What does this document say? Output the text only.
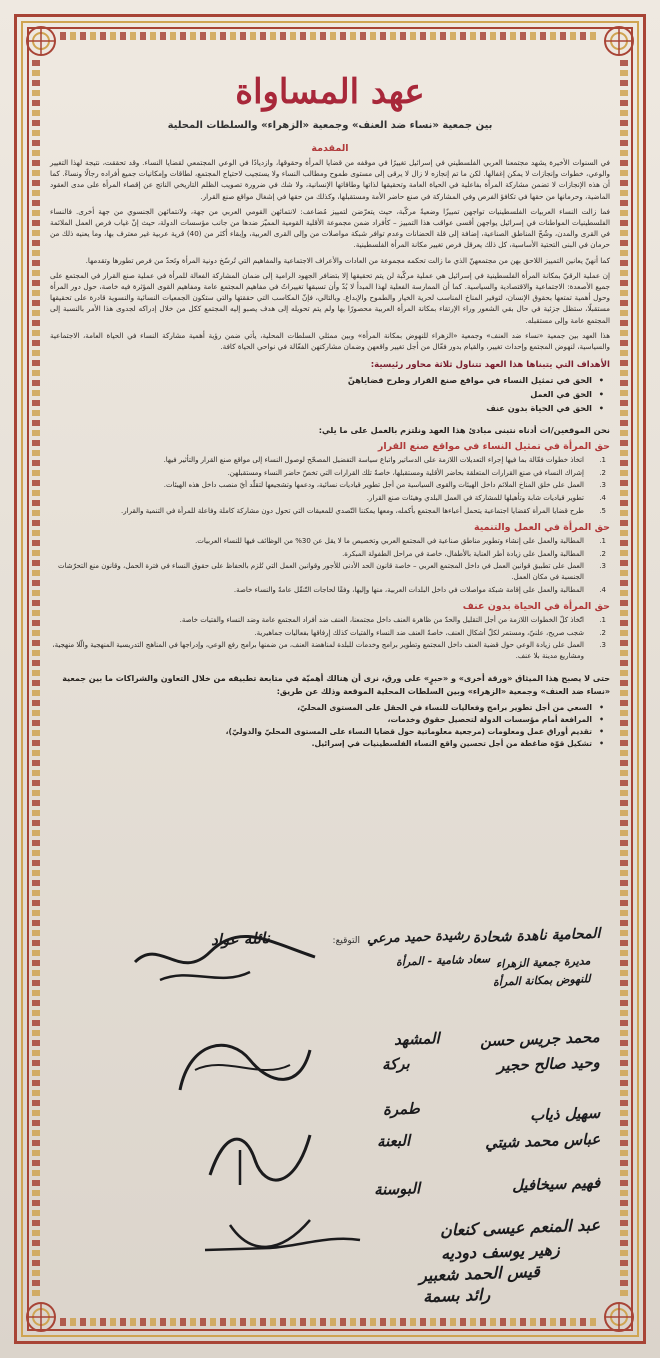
عهد المساواة
بين جمعية «نساء ضد العنف» وجمعية «الزهراء» والسلطات المحلية
المقدمة

في السنوات الأخيرة يشهد مجتمعنا العربي الفلسطيني في إسرائيل تغييرًا في موقفه من قضايا المرأة وحقوقها، وازديادًا في الوعي المجتمعي لقضايا النساء. وقد تحققت، نتيجة لهذا التغيير والوعي، خطوات وإنجازات لا يمكن إغفالها. لكن ما تم إنجازه لا زال لا يرقى إلى مستوى طموح ومطالب النساء ولا يستجيب لاحتياج المجتمع، لطاقات وإمكانيات جميع أفراده رجالًا ونساءً. كما أن هذه الإنجازات لا تضمن مشاركة المرأة بفاعلية في الحياة العامة وتحقيقها لذاتها وطاقاتها الإنسانية، ولا شك في ضرورة تصويب الظلم التاريخي الناتج عن إقصاء المرأة على مدى العقود الماضية، وحرمانها من حقها في تكافؤ الفرص وفي المشاركة في صنع حاضر الأمة ومستقبلها، وكذلك من حقها في إشغال مواقع صنع القرار.

فما زالت النساء العربيات الفلسطينيات تواجهن تمييزًا وضعيةً مركّبة، حيث يتعرّضن لتمييز مُضاعف: لانتمائهن القومي العربي من جهة، ولانتمائهن الجنسوي من جهة أخرى. فالنساء الفلسطينيات المواطنات في إسرائيل يواجهن أقسى عواقب هذا التمييز – كأفراد ضمن مجموعة الأقلية القومية المميّز ضدها من جانب مؤسسات الدولة، حيث إنّ غياب فرص العمل الملائمة في القرى والمدن، وشُحّ المناطق الصناعية، إضافة إلى قلة الحضانات وعدم توافر شبكة مواصلات من وإلى القرى العربية، وإبقاء أكثر من (40) قرية عربية غير معترف بها، وما يعنيه ذلك من حرمان في البنى التحتية الأساسية، كل ذلك يعرقل فرص تغيير مكانة المرأة الفلسطينية.

كما أنهنّ يعانين التمييز اللاحق بهن من مجتمعهنّ الذي ما زالت تحكمه مجموعة من العادات والأعراف الاجتماعية والمفاهيم التي تُرسّخ دونية المرأة وتَحدّ من فرص تطورها وتقدمها.

إن عملية الرقيّ بمكانة المرأة الفلسطينية في إسرائيل هي عملية مركّبة لن يتم تحقيقها إلا بتضافر الجهود الرامية إلى ضمان المشاركة الفعالة للمرأة في عملية صنع القرار في المجتمع على جميع الأصعدة: الاجتماعية والاقتصادية والسياسية. كما أن الممارسة الفعلية لهذا المبدأ لا بُدّ وأن تسبقها تغييراتٌ في مفاهيم المجتمع عامة ومفاهيم القوى المؤثرة فيه خاصة، حول دور المرأة وحول أهمية تمتعها بحقوق الإنسان، لتوفير المناخ المناسب لحرية الخيار والطموح والإبداع. وبالتالي، فإنّ المكاسب التي حققتها والتي ستكون الجمعيات النسائية والنسوية قادرة على تحقيقها مستقبلًا، ستظل جزئية في حال بقي الشعور وراء الإرتقاء بمكانة المرأة العربية محصورًا بها ولم يتم تحويله إلى هدف يصبو إليه المجتمع ككل من خلال إدراكه لجدوى هذا الأمر بالنسبة إلى المجتمع عامة وإلى مستقبله.

هذا العهد بين جمعية «نساء ضد العنف» وجمعية «الزهراء للنهوض بمكانة المرأة» وبين ممثلي السلطات المحلية، يأتي ضمن رؤية أهمية مشاركة النساء في الحياة العامة، الاجتماعية والسياسية، لنهوض المجتمع وإحداث تغيير، والقيام بدور فعّال من أجل تغيير واقعهن وضمان مشاركتهن الفعّالة في نواحي الحياة كافة.

الأهداف التي يتبناها هذا العهد تتناول ثلاثة محاور رئيسية:
• الحق في تمثيل النساء في مواقع صنع القرار وطرح قضاياهنّ
• الحق في العمل
• الحق في الحياة بدون عنف
نحن الموقعين/ات أدناه نتبنى مبادئ هذا العهد ونلتزم بالعمل على ما يلي:
حق المرأة في تمثيل النساء في مواقع صنع القرار
1.
اتخاذ خطوات فعّالة بما فيها إجراء التعديلات اللازمة على الدساتير واتباع سياسة التفضيل المصحّح لوصول النساء إلى مواقع صنع القرار والتأثير فيها.
2.
إشراك النساء في صنع القرارات المتعلقة بحاضر الأقلية ومستقبلها، خاصةً تلك القرارات التي تخصّ حاضر النساء ومستقبلهن.
3.
العمل على خلق المناخ الملائم داخل الهيئات والقوى السياسية من أجل تطوير قياديات نسائية، ودعمها وتشجيعها لتقلّد أيّ منصب داخل هذه الهيئات.
4.
تطوير قياديات شابة وتأهيلها للمشاركة في العمل البلدي وهيئات صنع القرار.
5.
طرح قضايا المرأة كقضايا اجتماعية يتحمل أعباءها المجتمع بأكمله، ومعها يمكننا التّصدي للمعيقات التي تحول دون مشاركة كاملة وفاعلة للمرأة في التنمية والقرار.
حق المرأة في العمل والتنمية
1.
المطالبة والعمل على إنشاء وتطوير مناطق صناعية في المجتمع العربي وتخصيص ما لا يقل عن 30% من الوظائف فيها للنساء العربيات.
2.
المطالبة والعمل على زيادة أطر العناية بالأطفال، خاصة في مراحل الطفولة المبكرة.
3.
العمل على تطبيق قوانين العمل في داخل المجتمع العربي – خاصة قانون الحد الأدنى للأجور وقوانين العمل التي تُلزم بالحفاظ على حقوق النساء في فترة الحمل، وقانون منع التحرّشات الجنسية في مكان العمل.
4.
المطالبة والعمل على إقامة شبكة مواصلات في داخل البلدات العربية، منها وإليها، وفقًا لحاجات التّنقّل عامةً والنساء خاصة.
حق المرأة في الحياة بدون عنف
1.
اتّخاذ كلّ الخطوات اللازمة من أجل التقليل والحدّ من ظاهرة العنف داخل مجتمعنا، العنف ضد أفراد المجتمع عامة وضد النساء والفتيات خاصة.
2.
شجب صريح، علنيّ، ومستمر لكلّ أشكال العنف، خاصةً العنف ضد النساء والفتيات كذلك إرفاقها بفعاليات جماهيرية.
3.
العمل على زيادة الوعي حول قضية العنف داخل المجتمع وتطوير برامج وخدمات للبلدة لمناهضة العنف، من ضمنها برامج رفع الوعي، وإدراجها في المناهج التدريسية المنهجية والّلا منهجية، ومشاريع مدينة بلا عنف.
حتى لا يصبح هذا الميثاق «ورقة أخرى» و «حبرٍ» على ورق، نرى أن هنالك أهميّة في متابعة تطبيقه من خلال التعاون والشراكات ما بين جمعية «نساء ضد العنف» وجمعية «الزهراء» وبين السلطات المحلية الموقعة وذلك عن طريق:
• السعي من أجل تطوير برامج وفعاليات للنساء في الحقل على المستوى المحليّ،
• المرافعة أمام مؤسسات الدولة لتحصيل حقوق وخدمات،
• تقديم أوراق عمل ومعلومات (مرجعية معلوماتية حول قضايا النساء على المستوى المحليّ والدوليّ)،
• تشكيل قوّة ضاغطة من أجل تحسين واقع النساء الفلسطينيات في إسرائيل.
التوقيع:
نائلة عواد	المحامية ناهدة شحادة
رشيدة حميد مرعي
سعاد شامية - المرأة مديرة جمعية الزهراء
للنهوض بمكانة المرأة
محمد جريس حسن
المشهد
وحيد صالح حجير
بركة
سهيل ذياب
طمرة
عباس محمد شيتي
البعنة
فهيم سيخافيل
البوسنة
عبد المنعم عيسى كنعان
زهير يوسف دوديه
قيس الحمد شعبير
رائد بسمة
